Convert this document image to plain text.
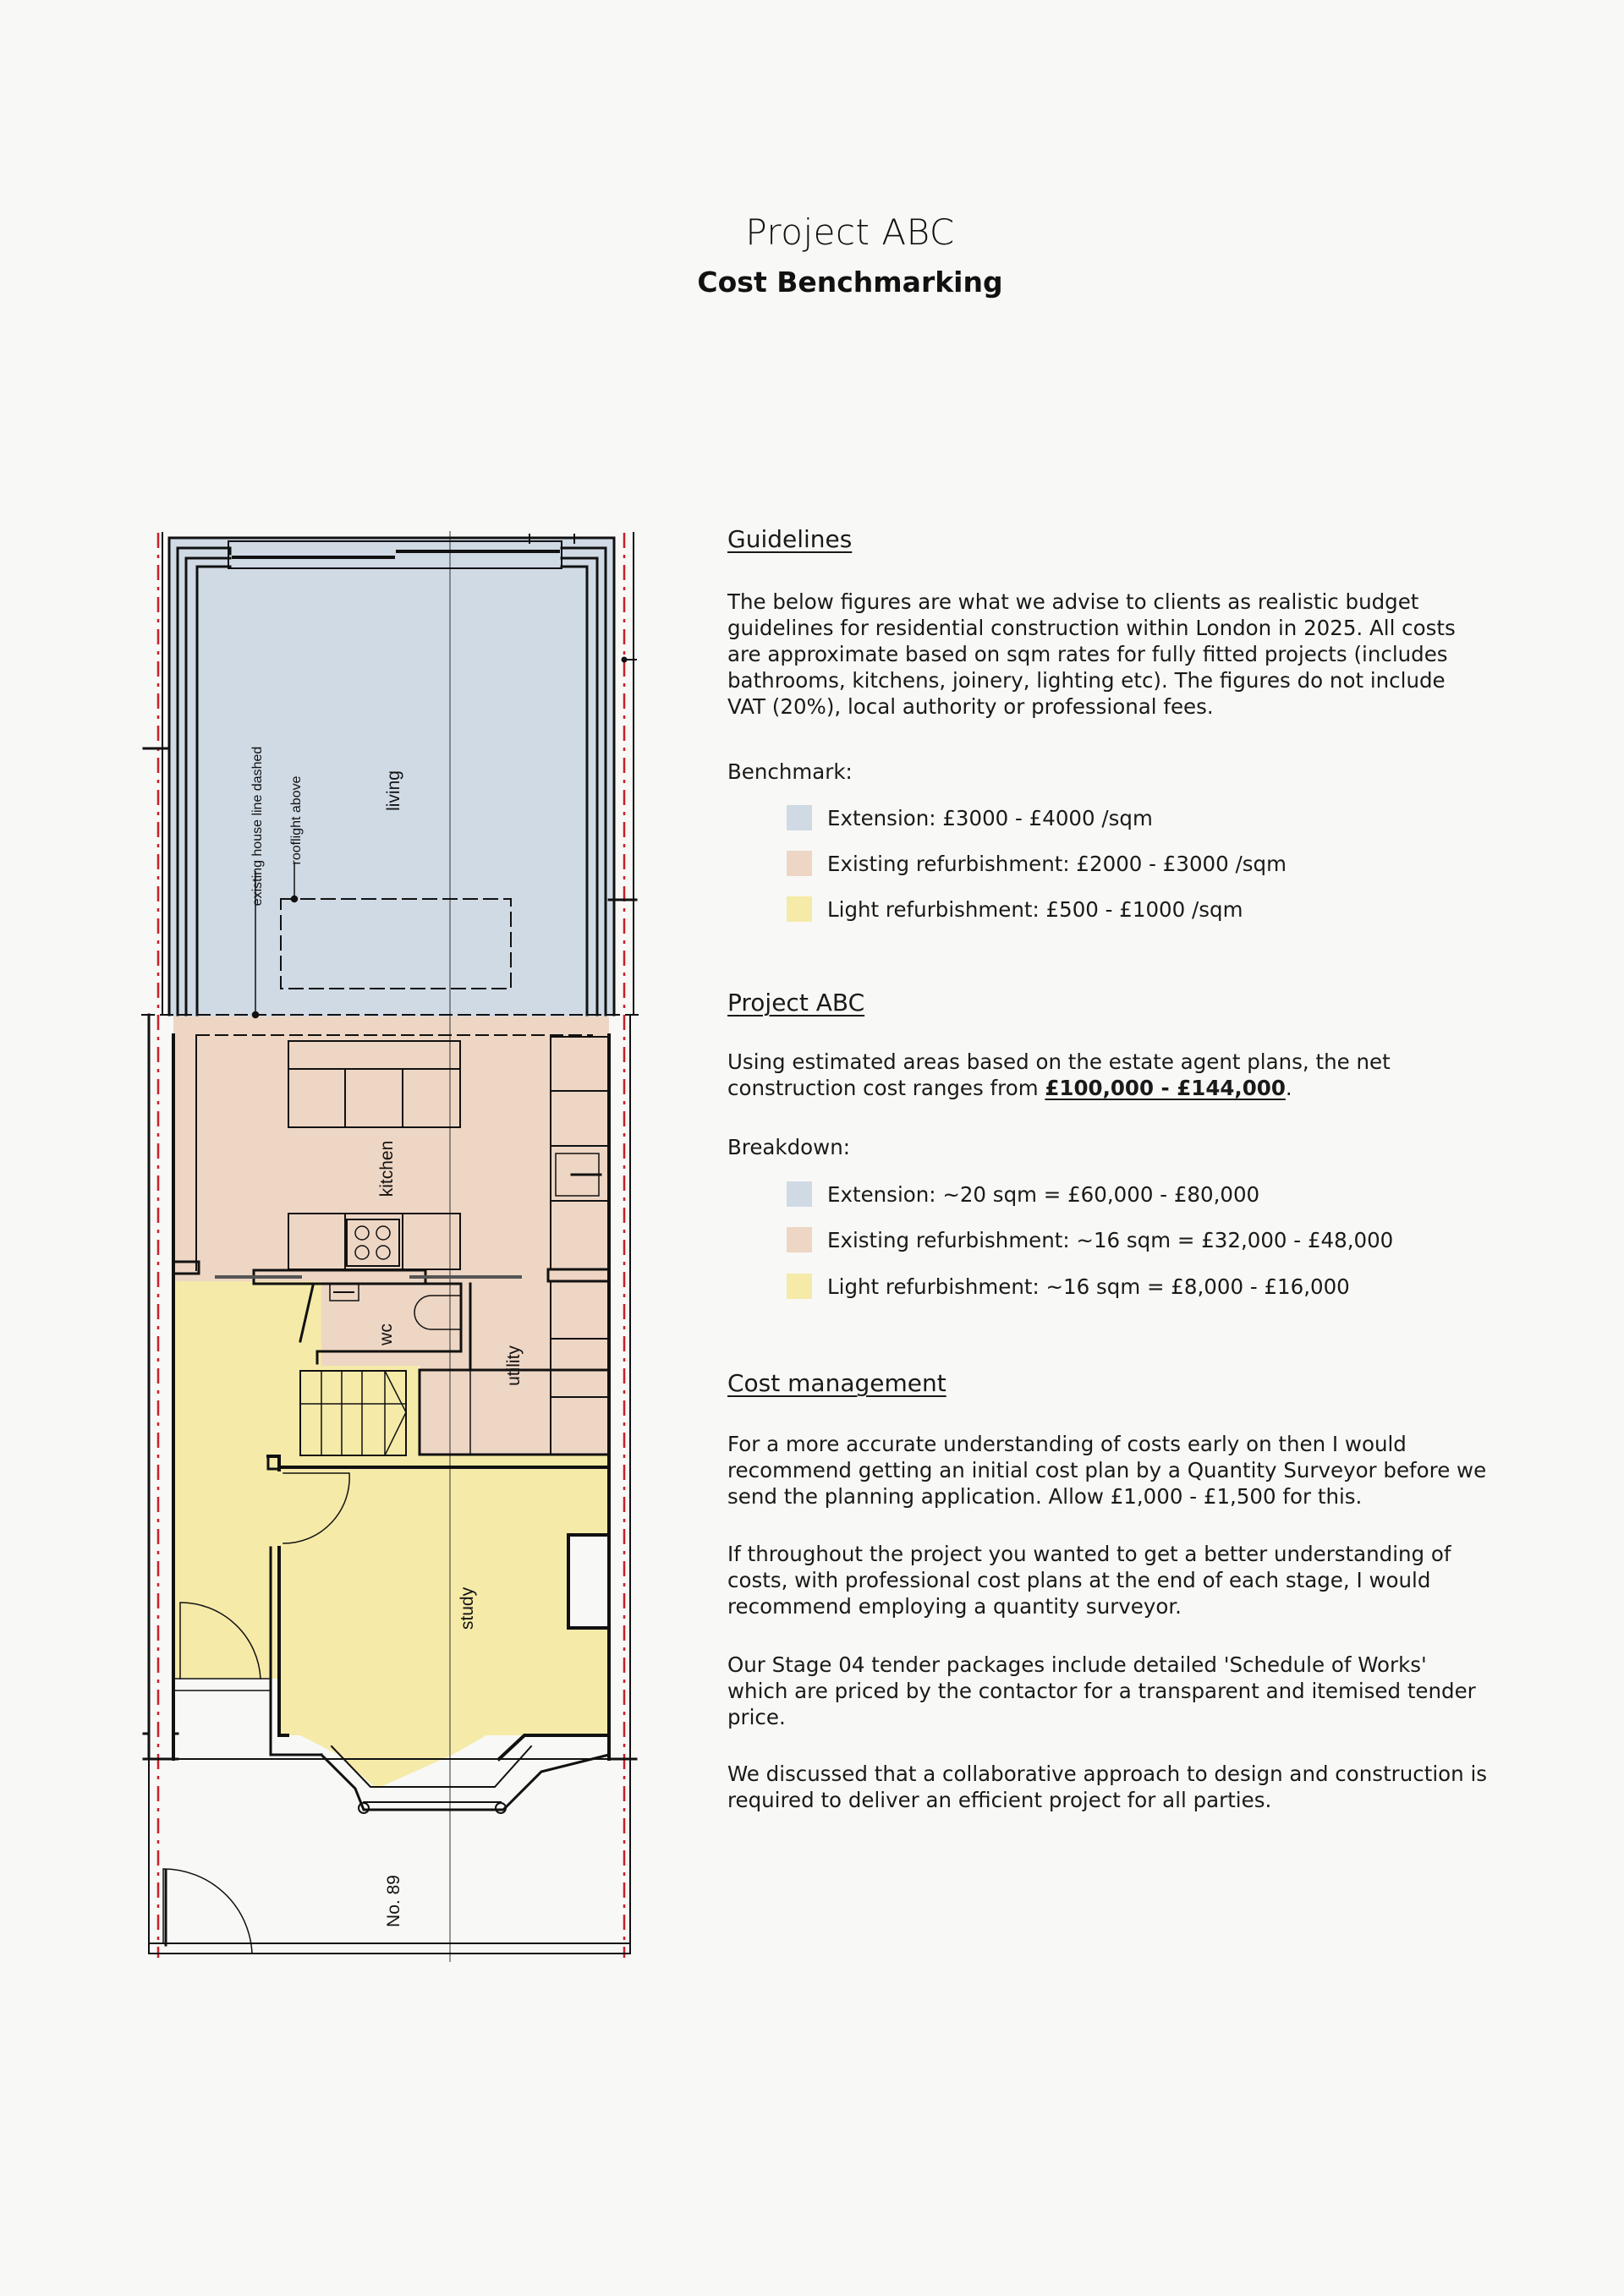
Project ABC
Cost Benchmarking
living
kitchen
wc
utility
study
No. 89
existing house line dashed rooflight above
Guidelines

The below figures are what we advise to clients as realistic budget guidelines for residential construction within London in 2025. All costs are approximate based on sqm rates for fully fitted projects (includes bathrooms, kitchens, joinery, lighting etc). The figures do not include VAT (20%), local authority or professional fees.

Benchmark:
Extension: £3000 - £4000 /sqm
Existing refurbishment: £2000 - £3000 /sqm
Light refurbishment: £500 - £1000 /sqm
Project ABC

Using estimated areas based on the estate agent plans, the net construction cost ranges from £100,000 - £144,000.

Breakdown:
Extension: ~20 sqm = £60,000 - £80,000
Existing refurbishment: ~16 sqm = £32,000 - £48,000
Light refurbishment: ~16 sqm = £8,000 - £16,000
Cost management

For a more accurate understanding of costs early on then I would recommend getting an initial cost plan by a Quantity Surveyor before we send the planning application. Allow £1,000 - £1,500 for this.

If throughout the project you wanted to get a better understanding of costs, with professional cost plans at the end of each stage, I would recommend employing a quantity surveyor.

Our Stage 04 tender packages include detailed 'Schedule of Works' which are priced by the contactor for a transparent and itemised tender price.

We discussed that a collaborative approach to design and construction is required to deliver an efficient project for all parties.
